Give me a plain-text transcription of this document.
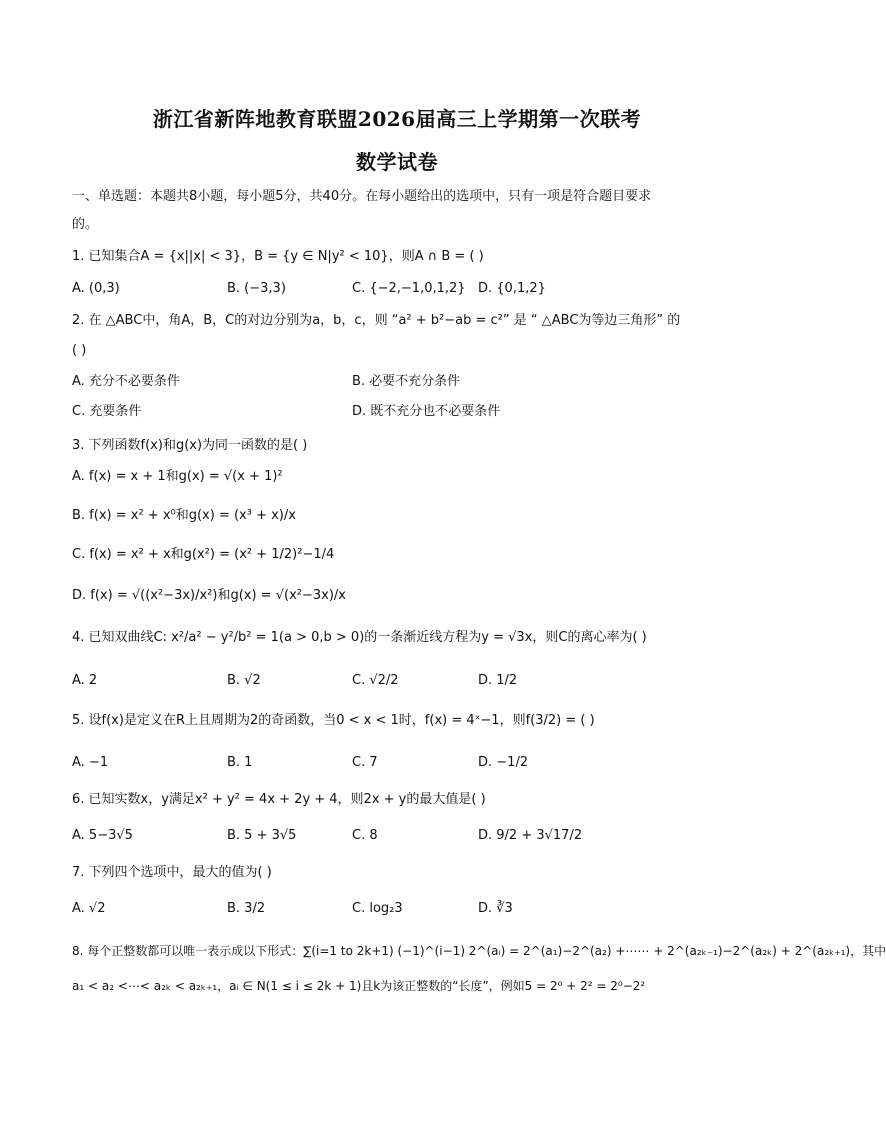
浙江省新阵地教育联盟2026届高三上学期第一次联考
数学试卷
一、单选题：本题共8小题，每小题5分，共40分。在每小题给出的选项中，只有一项是符合题目要求
的。
1. 已知集合A = {x||x| < 3}，B = {y ∈ N|y² < 10}，则A ∩ B = ( )
A. (0,3)	B. (−3,3)	C. {−2,−1,0,1,2} D. {0,1,2}
2. 在 △ABC中，角A，B，C的对边分别为a，b，c，则 “a² + b²−ab = c²” 是 “ △ABC为等边三角形” 的
( )
A. 充分不必要条件	B. 必要不充分条件
C. 充要条件	D. 既不充分也不必要条件
3. 下列函数f(x)和g(x)为同一函数的是( )
A. f(x) = x + 1和g(x) = √(x + 1)²
B. f(x) = x² + x⁰和g(x) = (x³ + x)/x
C. f(x) = x² + x和g(x²) = (x² + 1/2)²−1/4
D. f(x) = √((x²−3x)/x²)和g(x) = √(x²−3x)/x
4. 已知双曲线C: x²/a² − y²/b² = 1(a > 0,b > 0)的一条渐近线方程为y = √3x，则C的离心率为( )
A. 2	B. √2	C. √2/2	D. 1/2
5. 设f(x)是定义在R上且周期为2的奇函数，当0 < x < 1时，f(x) = 4ˣ−1，则f(3/2) = ( )
A. −1	B. 1	C. 7	D. −1/2
6. 已知实数x，y满足x² + y² = 4x + 2y + 4，则2x + y的最大值是( )
A. 5−3√5	B. 5 + 3√5	C. 8	D. 9/2 + 3√17/2
7. 下列四个选项中，最大的值为( )
A. √2	B. 3/2	C. log₂3	D. ∛3
8. 每个正整数都可以唯一表示成以下形式：∑(i=1 to 2k+1) (−1)^(i−1) 2^(aᵢ) = 2^(a₁)−2^(a₂) +⋯⋯ + 2^(a₂ₖ₋₁)−2^(a₂ₖ) + 2^(a₂ₖ₊₁)，其中
a₁ < a₂ <⋯< a₂ₖ < a₂ₖ₊₁，aᵢ ∈ N(1 ≤ i ≤ 2k + 1)且k为该正整数的“长度”，例如5 = 2⁰ + 2² = 2⁰−2²
